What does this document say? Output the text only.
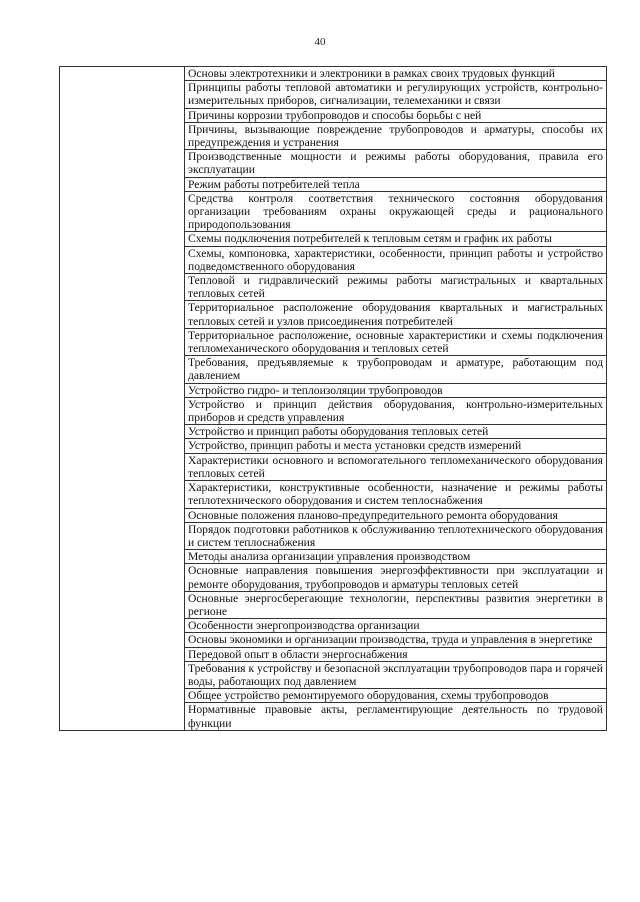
40
	Основы электротехники и электроники в рамках своих трудовых функций
Принципы работы тепловой автоматики и регулирующих устройств, контрольно-измерительных приборов, сигнализации, телемеханики и связи
Причины коррозии трубопроводов и способы борьбы с ней
Причины, вызывающие повреждение трубопроводов и арматуры, способы их предупреждения и устранения
Производственные мощности и режимы работы оборудования, правила его эксплуатации
Режим работы потребителей тепла
Средства контроля соответствия технического состояния оборудования организации требованиям охраны окружающей среды и рационального природопользования
Схемы подключения потребителей к тепловым сетям и график их работы
Схемы, компоновка, характеристики, особенности, принцип работы и устройство подведомственного оборудования
Тепловой и гидравлический режимы работы магистральных и квартальных тепловых сетей
Территориальное расположение оборудования квартальных и магистральных тепловых сетей и узлов присоединения потребителей
Территориальное расположение, основные характеристики и схемы подключения тепломеханического оборудования и тепловых сетей
Требования, предъявляемые к трубопроводам и арматуре, работающим под давлением
Устройство гидро- и теплоизоляции трубопроводов
Устройство и принцип действия оборудования, контрольно-измерительных приборов и средств управления
Устройство и принцип работы оборудования тепловых сетей
Устройство, принцип работы и места установки средств измерений
Характеристики основного и вспомогательного тепломеханического оборудования тепловых сетей
Характеристики, конструктивные особенности, назначение и режимы работы теплотехнического оборудования и систем теплоснабжения
Основные положения планово-предупредительного ремонта оборудования
Порядок подготовки работников к обслуживанию теплотехнического оборудования и систем теплоснабжения
Методы анализа организации управления производством
Основные направления повышения энергоэффективности при эксплуатации и ремонте оборудования, трубопроводов и арматуры тепловых сетей
Основные энергосберегающие технологии, перспективы развития энергетики в регионе
Особенности энергопроизводства организации
Основы экономики и организации производства, труда и управления в энергетике
Передовой опыт в области энергоснабжения
Требования к устройству и безопасной эксплуатации трубопроводов пара и горячей воды, работающих под давлением
Общее устройство ремонтируемого оборудования, схемы трубопроводов
Нормативные правовые акты, регламентирующие деятельность по трудовой функции
